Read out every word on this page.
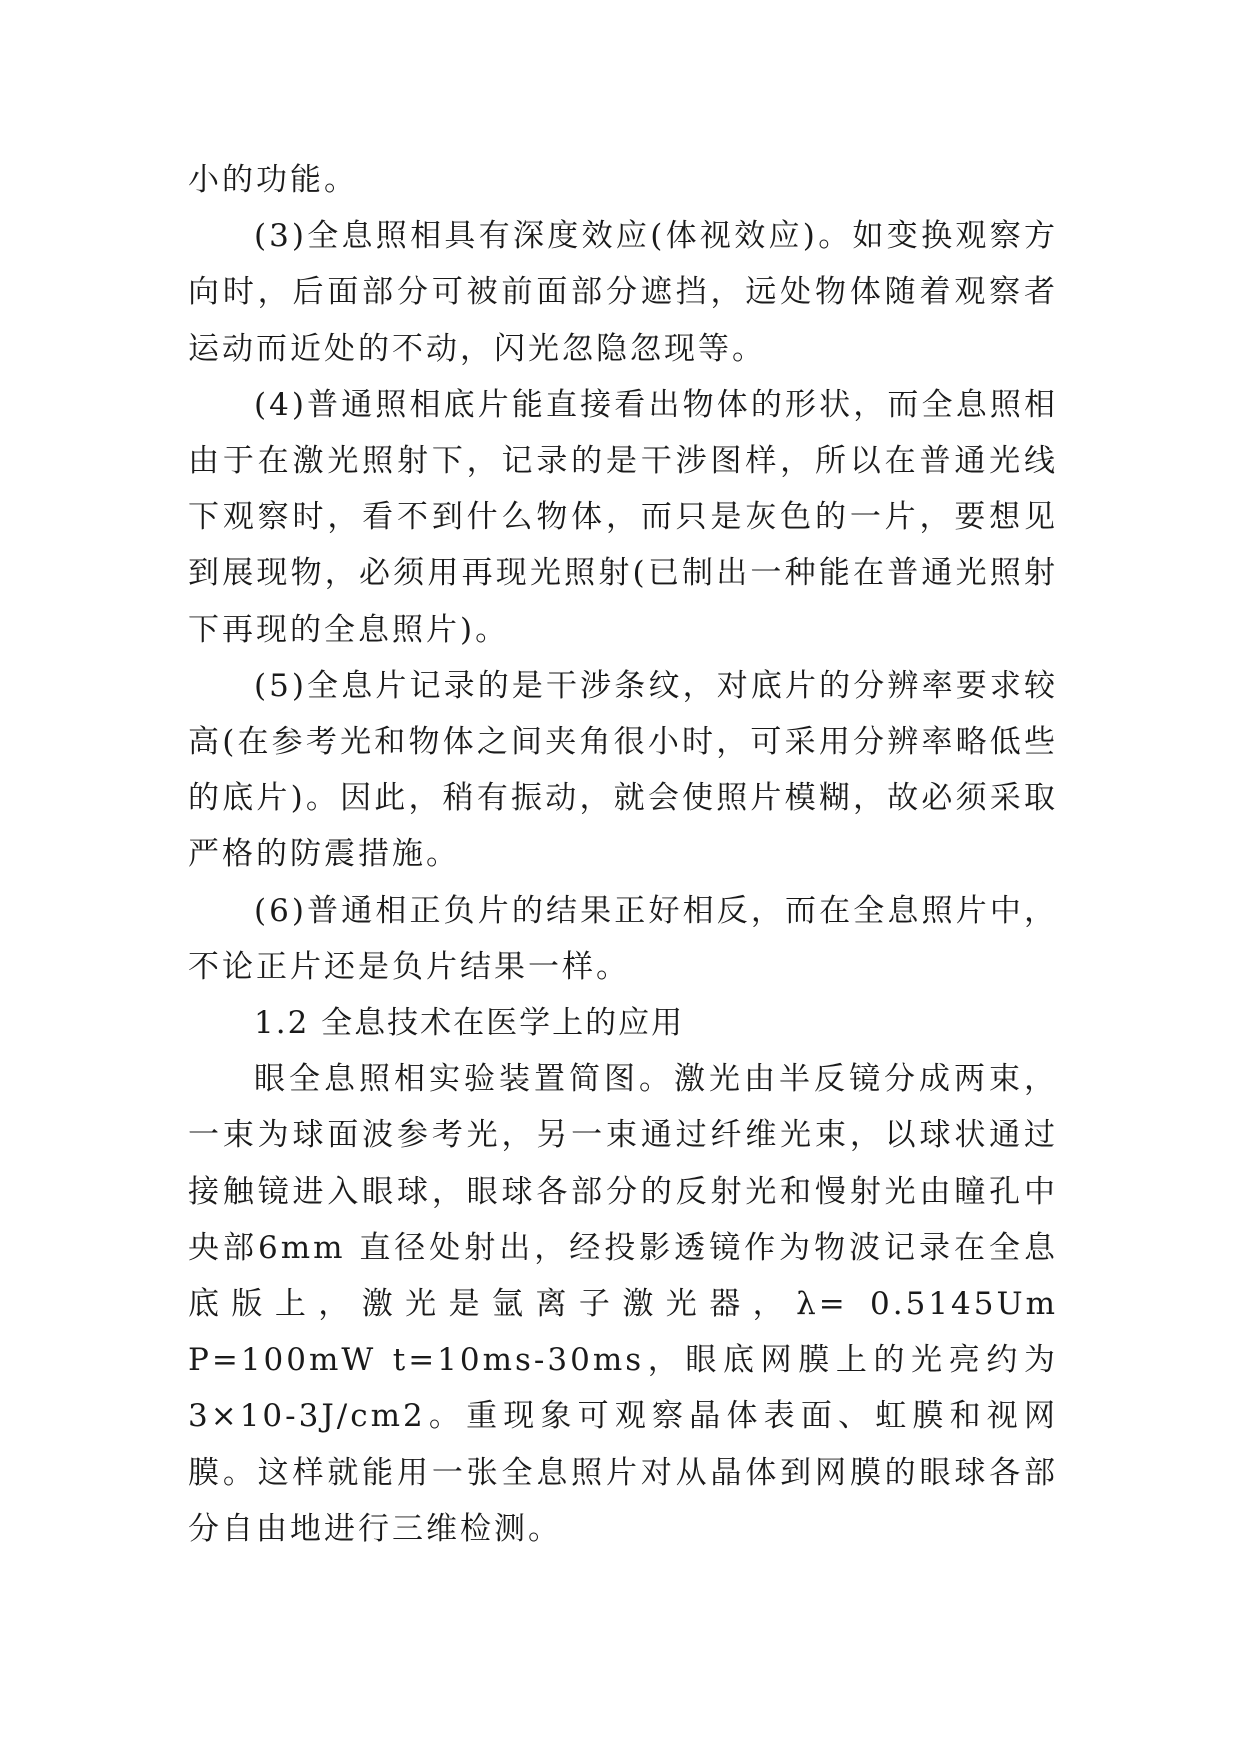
小的功能。

(3)全息照相具有深度效应(体视效应)。如变换观察方向时，后面部分可被前面部分遮挡，远处物体随着观察者运动而近处的不动，闪光忽隐忽现等。

(4)普通照相底片能直接看出物体的形状，而全息照相由于在激光照射下，记录的是干涉图样，所以在普通光线下观察时，看不到什么物体，而只是灰色的一片，要想见到展现物，必须用再现光照射(已制出一种能在普通光照射下再现的全息照片)。

(5)全息片记录的是干涉条纹，对底片的分辨率要求较高(在参考光和物体之间夹角很小时，可采用分辨率略低些的底片)。因此，稍有振动，就会使照片模糊，故必须采取严格的防震措施。

(6)普通相正负片的结果正好相反，而在全息照片中，不论正片还是负片结果一样。

1.2 全息技术在医学上的应用

眼全息照相实验装置简图。激光由半反镜分成两束，一束为球面波参考光，另一束通过纤维光束，以球状通过接触镜进入眼球，眼球各部分的反射光和慢射光由瞳孔中央部6mm 直径处射出，经投影透镜作为物波记录在全息底版上，激光是氩离子激光器，λ= 0.5145Um P=100mW t=10ms-30ms，眼底网膜上的光亮约为3×10-3J/cm2。重现象可观察晶体表面、虹膜和视网膜。这样就能用一张全息照片对从晶体到网膜的眼球各部分自由地进行三维检测。
